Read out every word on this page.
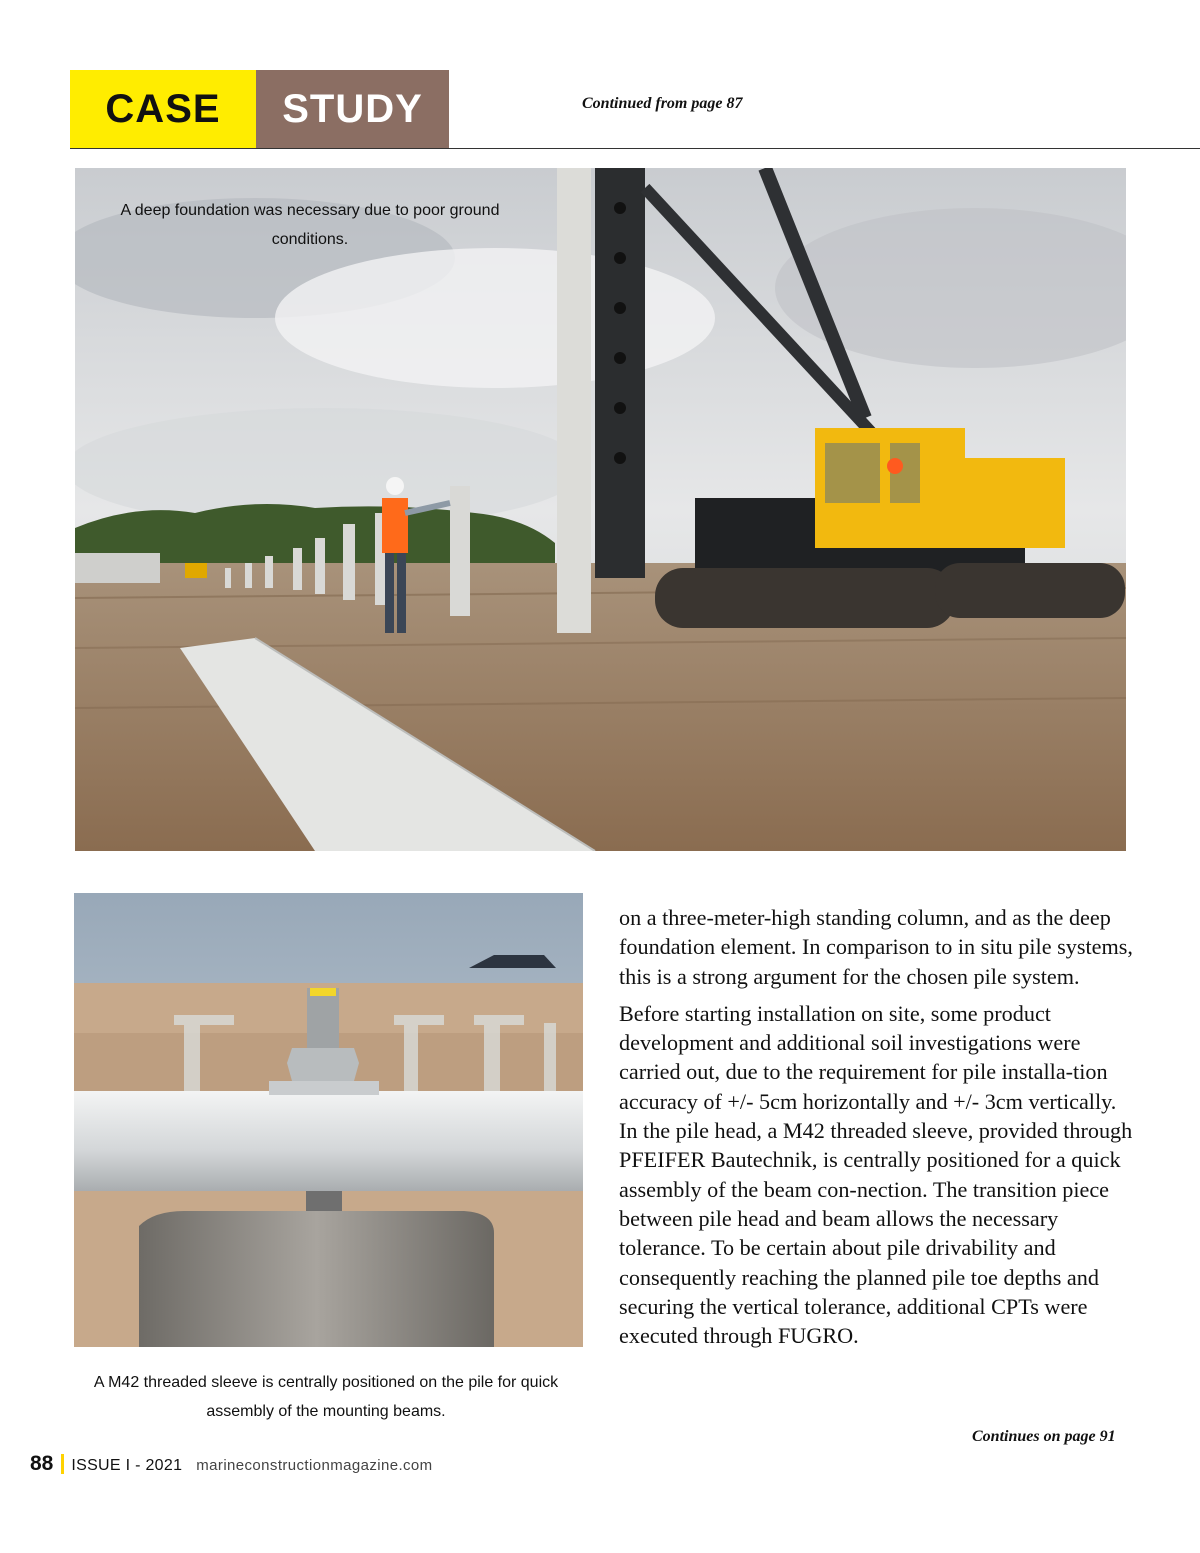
CASE	STUDY	Continued from page 87
A deep foundation was necessary due to poor ground conditions.
A M42 threaded sleeve is centrally positioned on the pile for quick assembly of the mounting beams.

on a three-meter-high standing column, and as the deep foundation element. In comparison to in situ pile systems, this is a strong argument for the chosen pile system.

Before starting installation on site, some product development and additional soil investigations were carried out, due to the requirement for pile installa-tion accuracy of +/- 5cm horizontally and +/- 3cm vertically. In the pile head, a M42 threaded sleeve, provided through PFEIFER Bautechnik, is centrally positioned for a quick assembly of the beam con-nection. The transition piece between pile head and beam allows the necessary tolerance. To be certain about pile drivability and consequently reaching the planned pile toe depths and securing the vertical tolerance, additional CPTs were executed through FUGRO.

Continues on page 91
88 ISSUE I - 2021 marineconstructionmagazine.com
